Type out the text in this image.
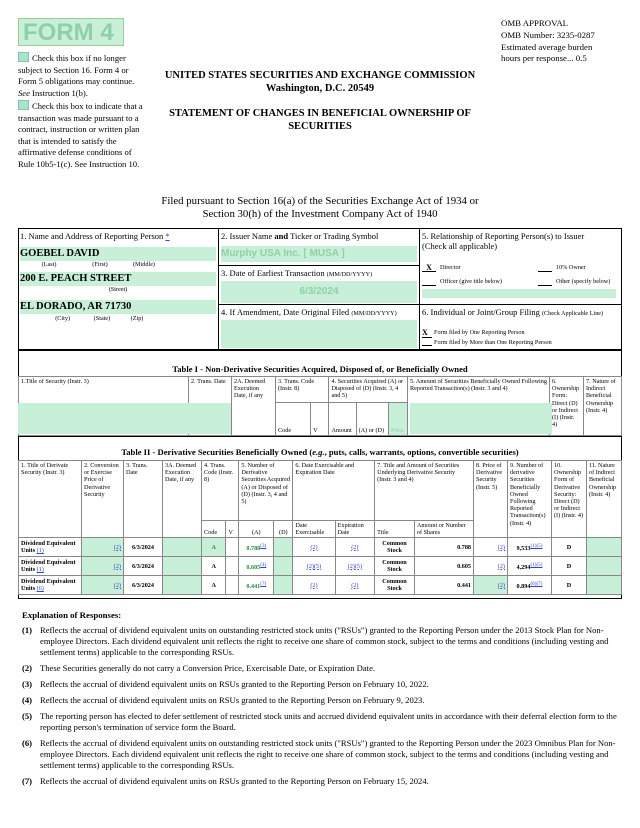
FORM 4
Check this box if no longer subject to Section 16. Form 4 or Form 5 obligations may continue. See Instruction 1(b).
Check this box to indicate that a transaction was made pursuant to a contract, instruction or written plan that is intended to satisfy the affirmative defense conditions of Rule 10b5-1(c). See Instruction 10.
OMB APPROVAL
OMB Number: 3235-0287
Estimated average burden
hours per response... 0.5
UNITED STATES SECURITIES AND EXCHANGE COMMISSION
Washington, D.C. 20549
STATEMENT OF CHANGES IN BENEFICIAL OWNERSHIP OF SECURITIES
Filed pursuant to Section 16(a) of the Securities Exchange Act of 1934 or
Section 30(h) of the Investment Company Act of 1940
1. Name and Address of Reporting Person *
GOEBEL DAVID
(Last)	(First)	(Middle)
200 E. PEACH STREET
(Street)
EL DORADO, AR 71730
(City)	(State)	(Zip)
2. Issuer Name and Ticker or Trading Symbol
Murphy USA Inc. [ MUSA ]
3. Date of Earliest Transaction (MM/DD/YYYY)
6/3/2024
4. If Amendment, Date Original Filed (MM/DD/YYYY)
5. Relationship of Reporting Person(s) to Issuer
(Check all applicable)
X	Director	10% Owner
Officer (give title below)	Other (specify below)
6. Individual or Joint/Group Filing (Check Applicable Line)
X	Form filed by One Reporting Person
Form filed by More than One Reporting Person
Table I - Non-Derivative Securities Acquired, Disposed of, or Beneficially Owned
1.Title of Security (Instr. 3)	2. Trans. Date	2A. Deemed Execution Date, if any	3. Trans. Code (Instr. 8)		4. Securities Acquired (A) or Disposed of (D) (Instr. 3, 4 and 5)			5. Amount of Securities Beneficially Owned Following Reported Transaction(s) (Instr. 3 and 4)	6. Ownership Form: Direct (D) or Indirect (I) (Instr. 4)	7. Nature of Indirect Beneficial Ownership (Instr. 4)
			Code	V	Amount	(A) or (D)	Price			
Table II - Derivative Securities Beneficially Owned (e.g., puts, calls, warrants, options, convertible securities)
1. Title of Derivate Security (Instr. 3)	2. Conversion or Exercise Price of Derivative Security	3. Trans. Date	3A. Deemed Execution Date, if any	4. Trans. Code (Instr. 8)		5. Number of Derivative Securities Acquired (A) or Disposed of (D) (Instr. 3, 4 and 5)		6. Date Exercisable and Expiration Date		7. Title and Amount of Securities Underlying Derivative Security (Instr. 3 and 4)		8. Price of Derivative Security (Instr. 5)	9. Number of derivative Securities Beneficially Owned Following Reported Transaction(s) (Instr. 4)	10. Ownership Form of Derivative Security: Direct (D) or Indirect (I) (Instr. 4)	11. Nature of Indirect Beneficial Ownership (Instr. 4)
				Code	V	(A)	(D)	Date Exercisable	Expiration Date	Title	Amount or Number of Shares				
Dividend Equivalent Units (1)	(2)	6/3/2024		A		0.788$^{(3)}$		(2)	(2)	Common Stock	0.788	(2)	$9,533^{(1)(5)}$	D	
Dividend Equivalent Units (1)	(2)	6/3/2024		A		0.605$^{(4)}$		(2)(5)	(2)(5)	Common Stock	0.605	(2)	$4,294^{(1)(5)}$	D	
Dividend Equivalent Units (6)	(2)	6/3/2024		A		0.441$^{(7)}$		(2)	(2)	Common Stock	0.441	(2)	$0.894^{(6)(7)}$	D	
Explanation of Responses:
(1) Reflects the accrual of dividend equivalent units on outstanding restricted stock units ("RSUs") granted to the Reporting Person under the 2013 Stock Plan for Non-employee Directors. Each dividend equivalent unit reflects the right to receive one share of common stock, subject to the terms and conditions (including vesting and settlement terms) applicable to the corresponding RSUs.
(2) These Securities generally do not carry a Conversion Price, Exercisable Date, or Expiration Date.
(3) Reflects the accrual of dividend equivalent units on RSUs granted to the Reporting Person on February 10, 2022.
(4) Reflects the accrual of dividend equivalent units on RSUs granted to the Reporting Person on February 9, 2023.
(5) The reporting person has elected to defer settlement of restricted stock units and accrued dividend equivalent units in accordance with their deferral election form to the reporting person's termination of service form the Board.
(6) Reflects the accrual of dividend equivalent units on outstanding restricted stock units ("RSUs") granted to the Reporting Person under the 2023 Omnibus Plan for Non-employee Directors. Each dividend equivalent unit reflects the right to receive one share of common stock, subject to the terms and conditions (including vesting and settlement terms) applicable to the corresponding RSUs.
(7) Reflects the accrual of dividend equivalent units on RSUs granted to the Reporting Person on February 15, 2024.
